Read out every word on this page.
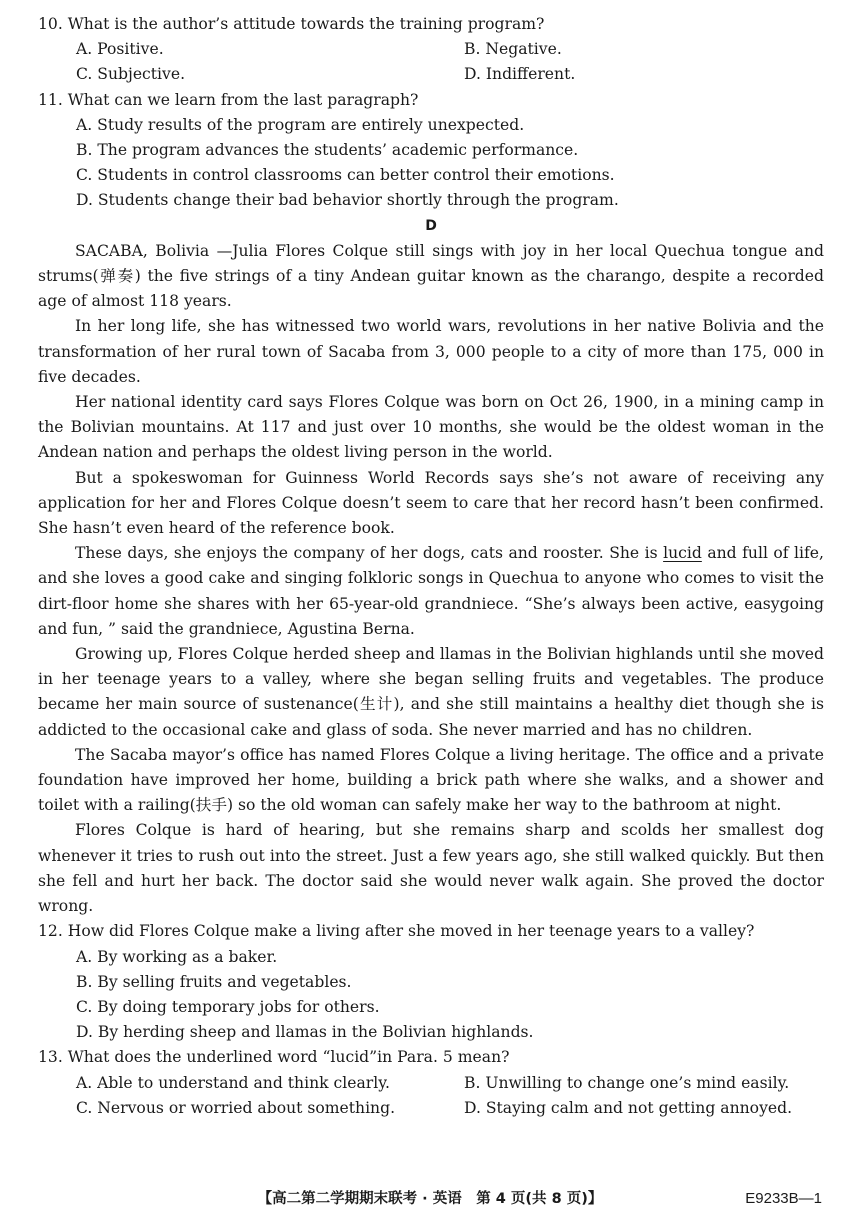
10. What is the author’s attitude towards the training program?

A. Positive.	B. Negative.

C. Subjective.	D. Indifferent.

11. What can we learn from the last paragraph?

A. Study results of the program are entirely unexpected.

B. The program advances the students’ academic performance.

C. Students in control classrooms can better control their emotions.

D. Students change their bad behavior shortly through the program.

D

SACABA, Bolivia —Julia Flores Colque still sings with joy in her local Quechua tongue and strums(弹奏) the five strings of a tiny Andean guitar known as the charango, despite a recorded age of almost 118 years.

In her long life, she has witnessed two world wars, revolutions in her native Bolivia and the transformation of her rural town of Sacaba from 3, 000 people to a city of more than 175, 000 in five decades.

Her national identity card says Flores Colque was born on Oct 26, 1900, in a mining camp in the Bolivian mountains. At 117 and just over 10 months, she would be the oldest woman in the Andean nation and perhaps the oldest living person in the world.

But a spokeswoman for Guinness World Records says she’s not aware of receiving any application for her and Flores Colque doesn’t seem to care that her record hasn’t been confirmed. She hasn’t even heard of the reference book.

These days, she enjoys the company of her dogs, cats and rooster. She is lucid and full of life, and she loves a good cake and singing folkloric songs in Quechua to anyone who comes to visit the dirt-floor home she shares with her 65-year-old grandniece. “She’s always been active, easygoing and fun, ” said the grandniece, Agustina Berna.

Growing up, Flores Colque herded sheep and llamas in the Bolivian highlands until she moved in her teenage years to a valley, where she began selling fruits and vegetables. The produce became her main source of sustenance(生计), and she still maintains a healthy diet though she is addicted to the occasional cake and glass of soda. She never married and has no children.

The Sacaba mayor’s office has named Flores Colque a living heritage. The office and a private foundation have improved her home, building a brick path where she walks, and a shower and toilet with a railing(扶手) so the old woman can safely make her way to the bathroom at night.

Flores Colque is hard of hearing, but she remains sharp and scolds her smallest dog whenever it tries to rush out into the street. Just a few years ago, she still walked quickly. But then she fell and hurt her back. The doctor said she would never walk again. She proved the doctor wrong.

12. How did Flores Colque make a living after she moved in her teenage years to a valley?

A. By working as a baker.

B. By selling fruits and vegetables.

C. By doing temporary jobs for others.

D. By herding sheep and llamas in the Bolivian highlands.

13. What does the underlined word “lucid”in Para. 5 mean?

A. Able to understand and think clearly.	B. Unwilling to change one’s mind easily.

C. Nervous or worried about something.	D. Staying calm and not getting annoyed.

【高二第二学期期末联考 · 英语　第 4 页(共 8 页)】	E9233B—1
